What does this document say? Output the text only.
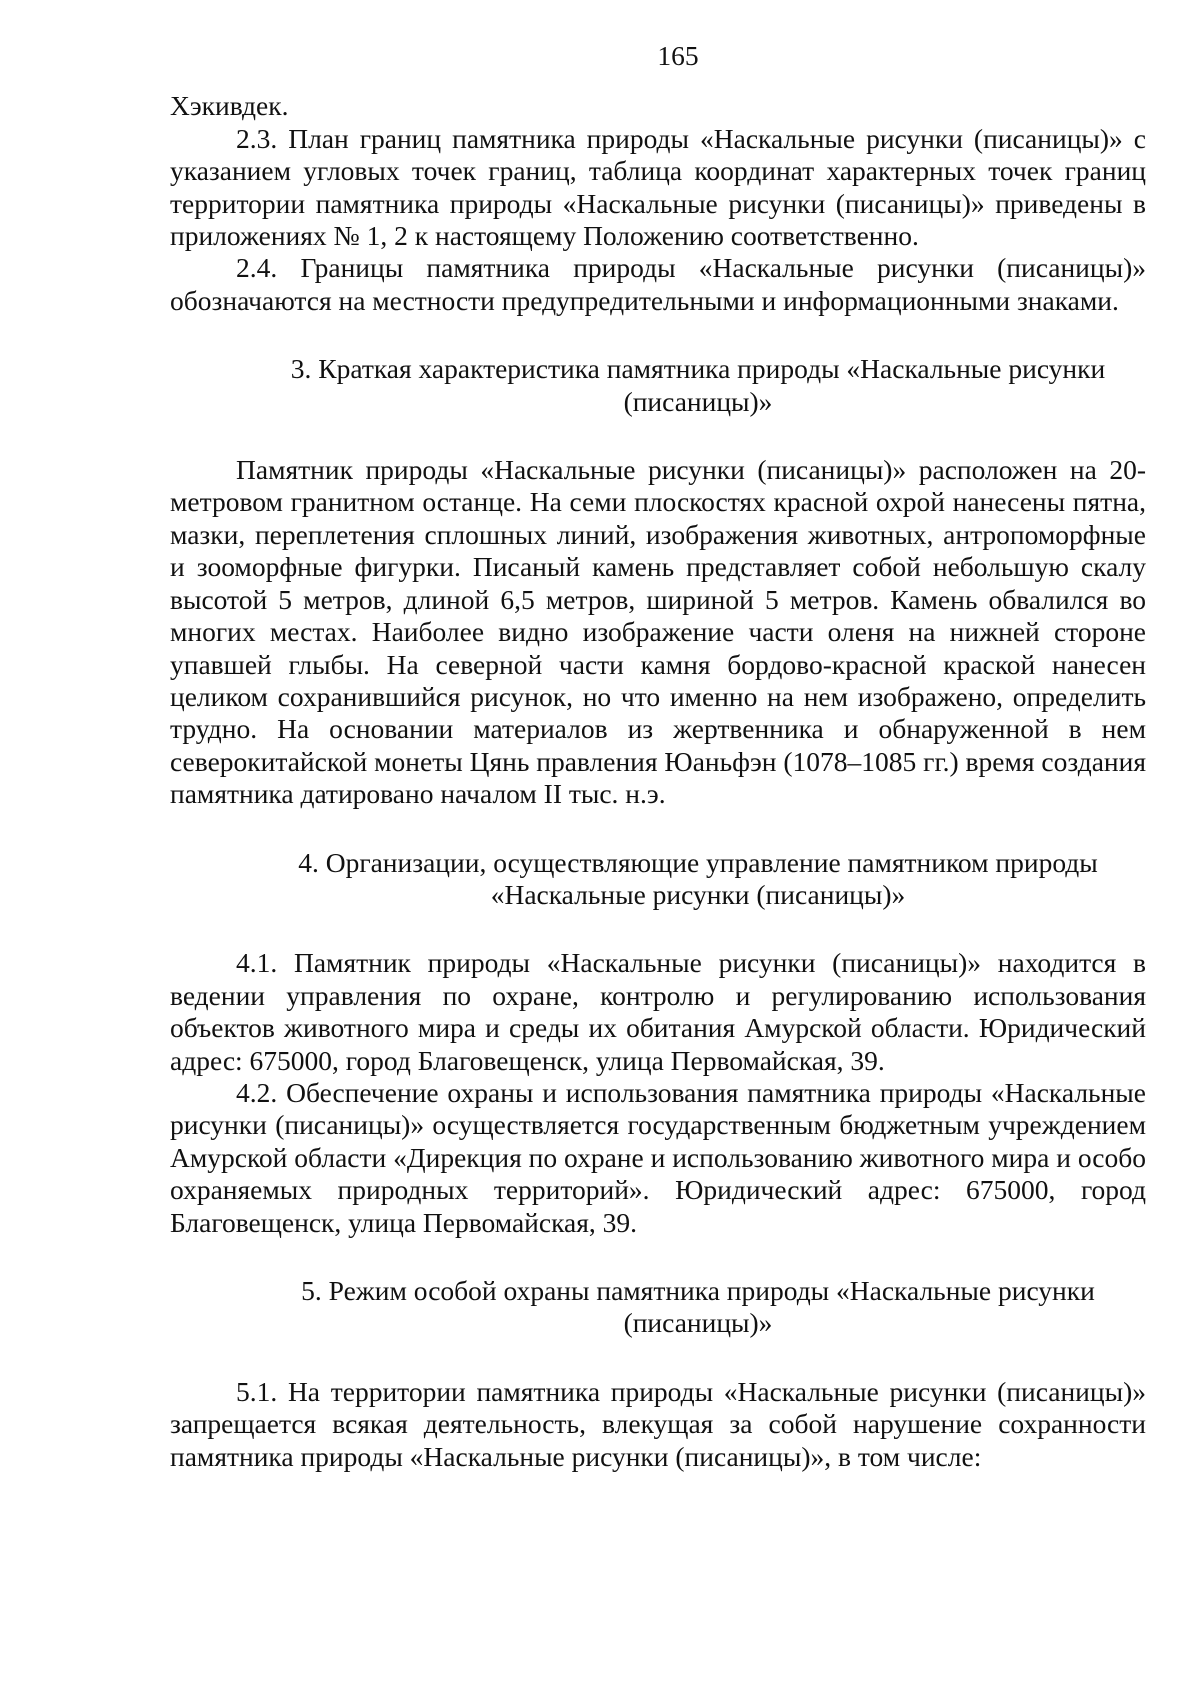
165

Хэкивдек.

2.3. План границ памятника природы «Наскальные рисунки (писаницы)» с указанием угловых точек границ, таблица координат характерных точек границ территории памятника природы «Наскальные рисунки (писаницы)» приведены в приложениях № 1, 2 к настоящему Положению соответственно.

2.4. Границы памятника природы «Наскальные рисунки (писаницы)» обозначаются на местности предупредительными и информационными знаками.

3. Краткая характеристика памятника природы «Наскальные рисунки
(писаницы)»

Памятник природы «Наскальные рисунки (писаницы)» расположен на 20-метровом гранитном останце. На семи плоскостях красной охрой нанесены пятна, мазки, переплетения сплошных линий, изображения животных, антропоморфные и зооморфные фигурки. Писаный камень представляет собой небольшую скалу высотой 5 метров, длиной 6,5 метров, шириной 5 метров. Камень обвалился во многих местах. Наиболее видно изображение части оленя на нижней стороне упавшей глыбы. На северной части камня бордово-красной краской нанесен целиком сохранившийся рисунок, но что именно на нем изображено, определить трудно. На основании материалов из жертвенника и обнаруженной в нем северокитайской монеты Цянь правления Юаньфэн (1078–1085 гг.) время создания памятника датировано началом II тыс. н.э.

4. Организации, осуществляющие управление памятником природы
«Наскальные рисунки (писаницы)»

4.1. Памятник природы «Наскальные рисунки (писаницы)» находится в ведении управления по охране, контролю и регулированию использования объектов животного мира и среды их обитания Амурской области. Юридический адрес: 675000, город Благовещенск, улица Первомайская, 39.

4.2. Обеспечение охраны и использования памятника природы «Наскальные рисунки (писаницы)» осуществляется государственным бюджетным учреждением Амурской области «Дирекция по охране и использованию животного мира и особо охраняемых природных территорий». Юридический адрес: 675000, город Благовещенск, улица Первомайская, 39.

5. Режим особой охраны памятника природы «Наскальные рисунки
(писаницы)»

5.1. На территории памятника природы «Наскальные рисунки (писаницы)» запрещается всякая деятельность, влекущая за собой нарушение сохранности памятника природы «Наскальные рисунки (писаницы)», в том числе:
